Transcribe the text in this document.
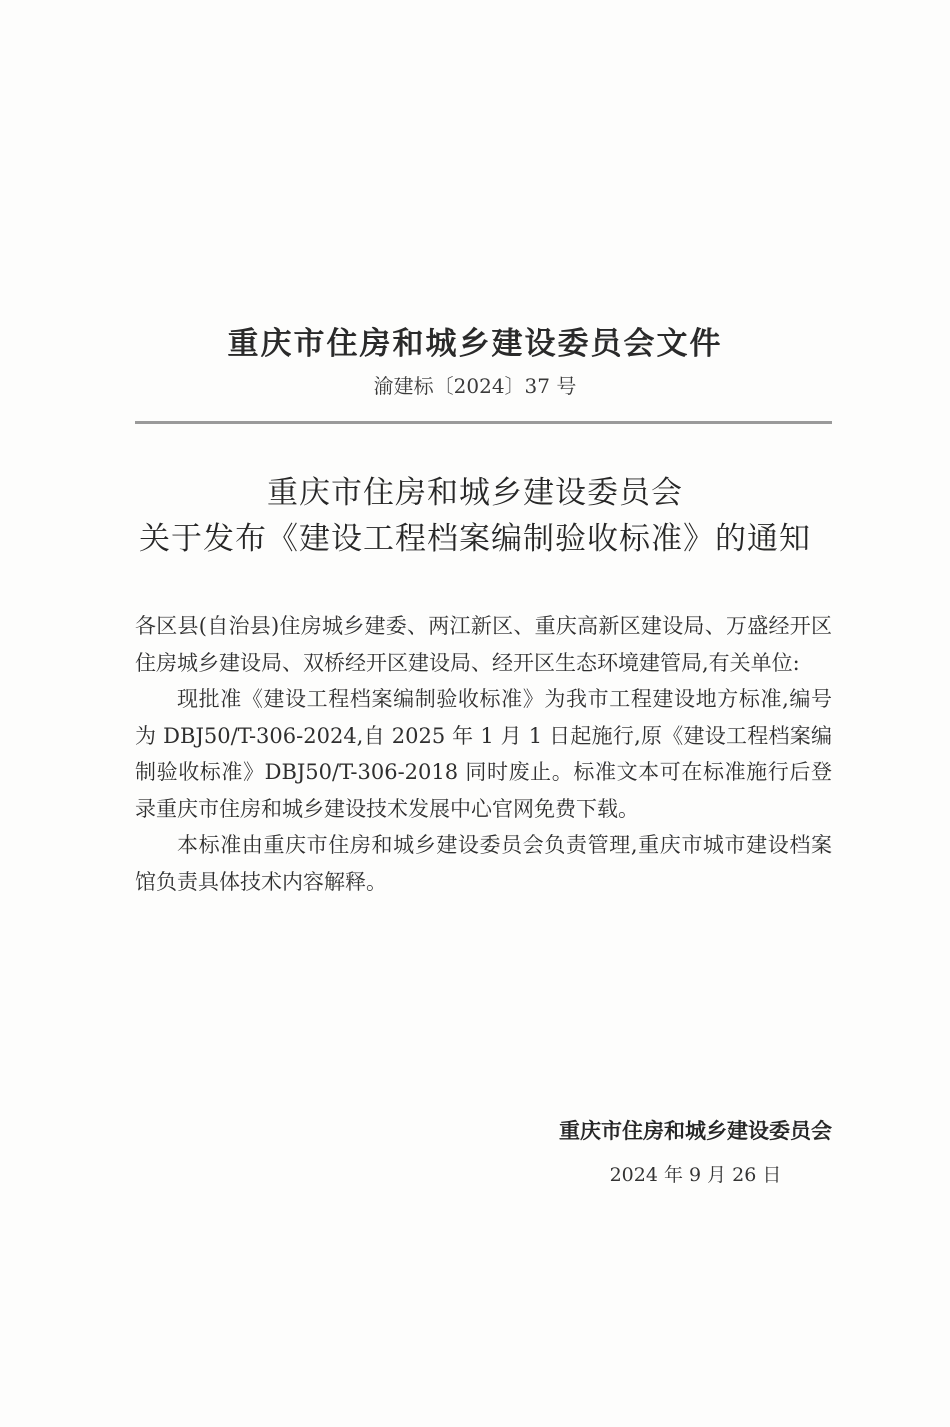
重庆市住房和城乡建设委员会文件
渝建标〔2024〕37 号
重庆市住房和城乡建设委员会
关于发布《建设工程档案编制验收标准》的通知

各区县(自治县)住房城乡建委、两江新区、重庆高新区建设局、万盛经开区住房城乡建设局、双桥经开区建设局、经开区生态环境建管局,有关单位:

现批准《建设工程档案编制验收标准》为我市工程建设地方标准,编号为 DBJ50/T-306-2024,自 2025 年 1 月 1 日起施行,原《建设工程档案编制验收标准》DBJ50/T-306-2018 同时废止。标准文本可在标准施行后登录重庆市住房和城乡建设技术发展中心官网免费下载。

本标准由重庆市住房和城乡建设委员会负责管理,重庆市城市建设档案馆负责具体技术内容解释。

重庆市住房和城乡建设委员会
2024 年 9 月 26 日
